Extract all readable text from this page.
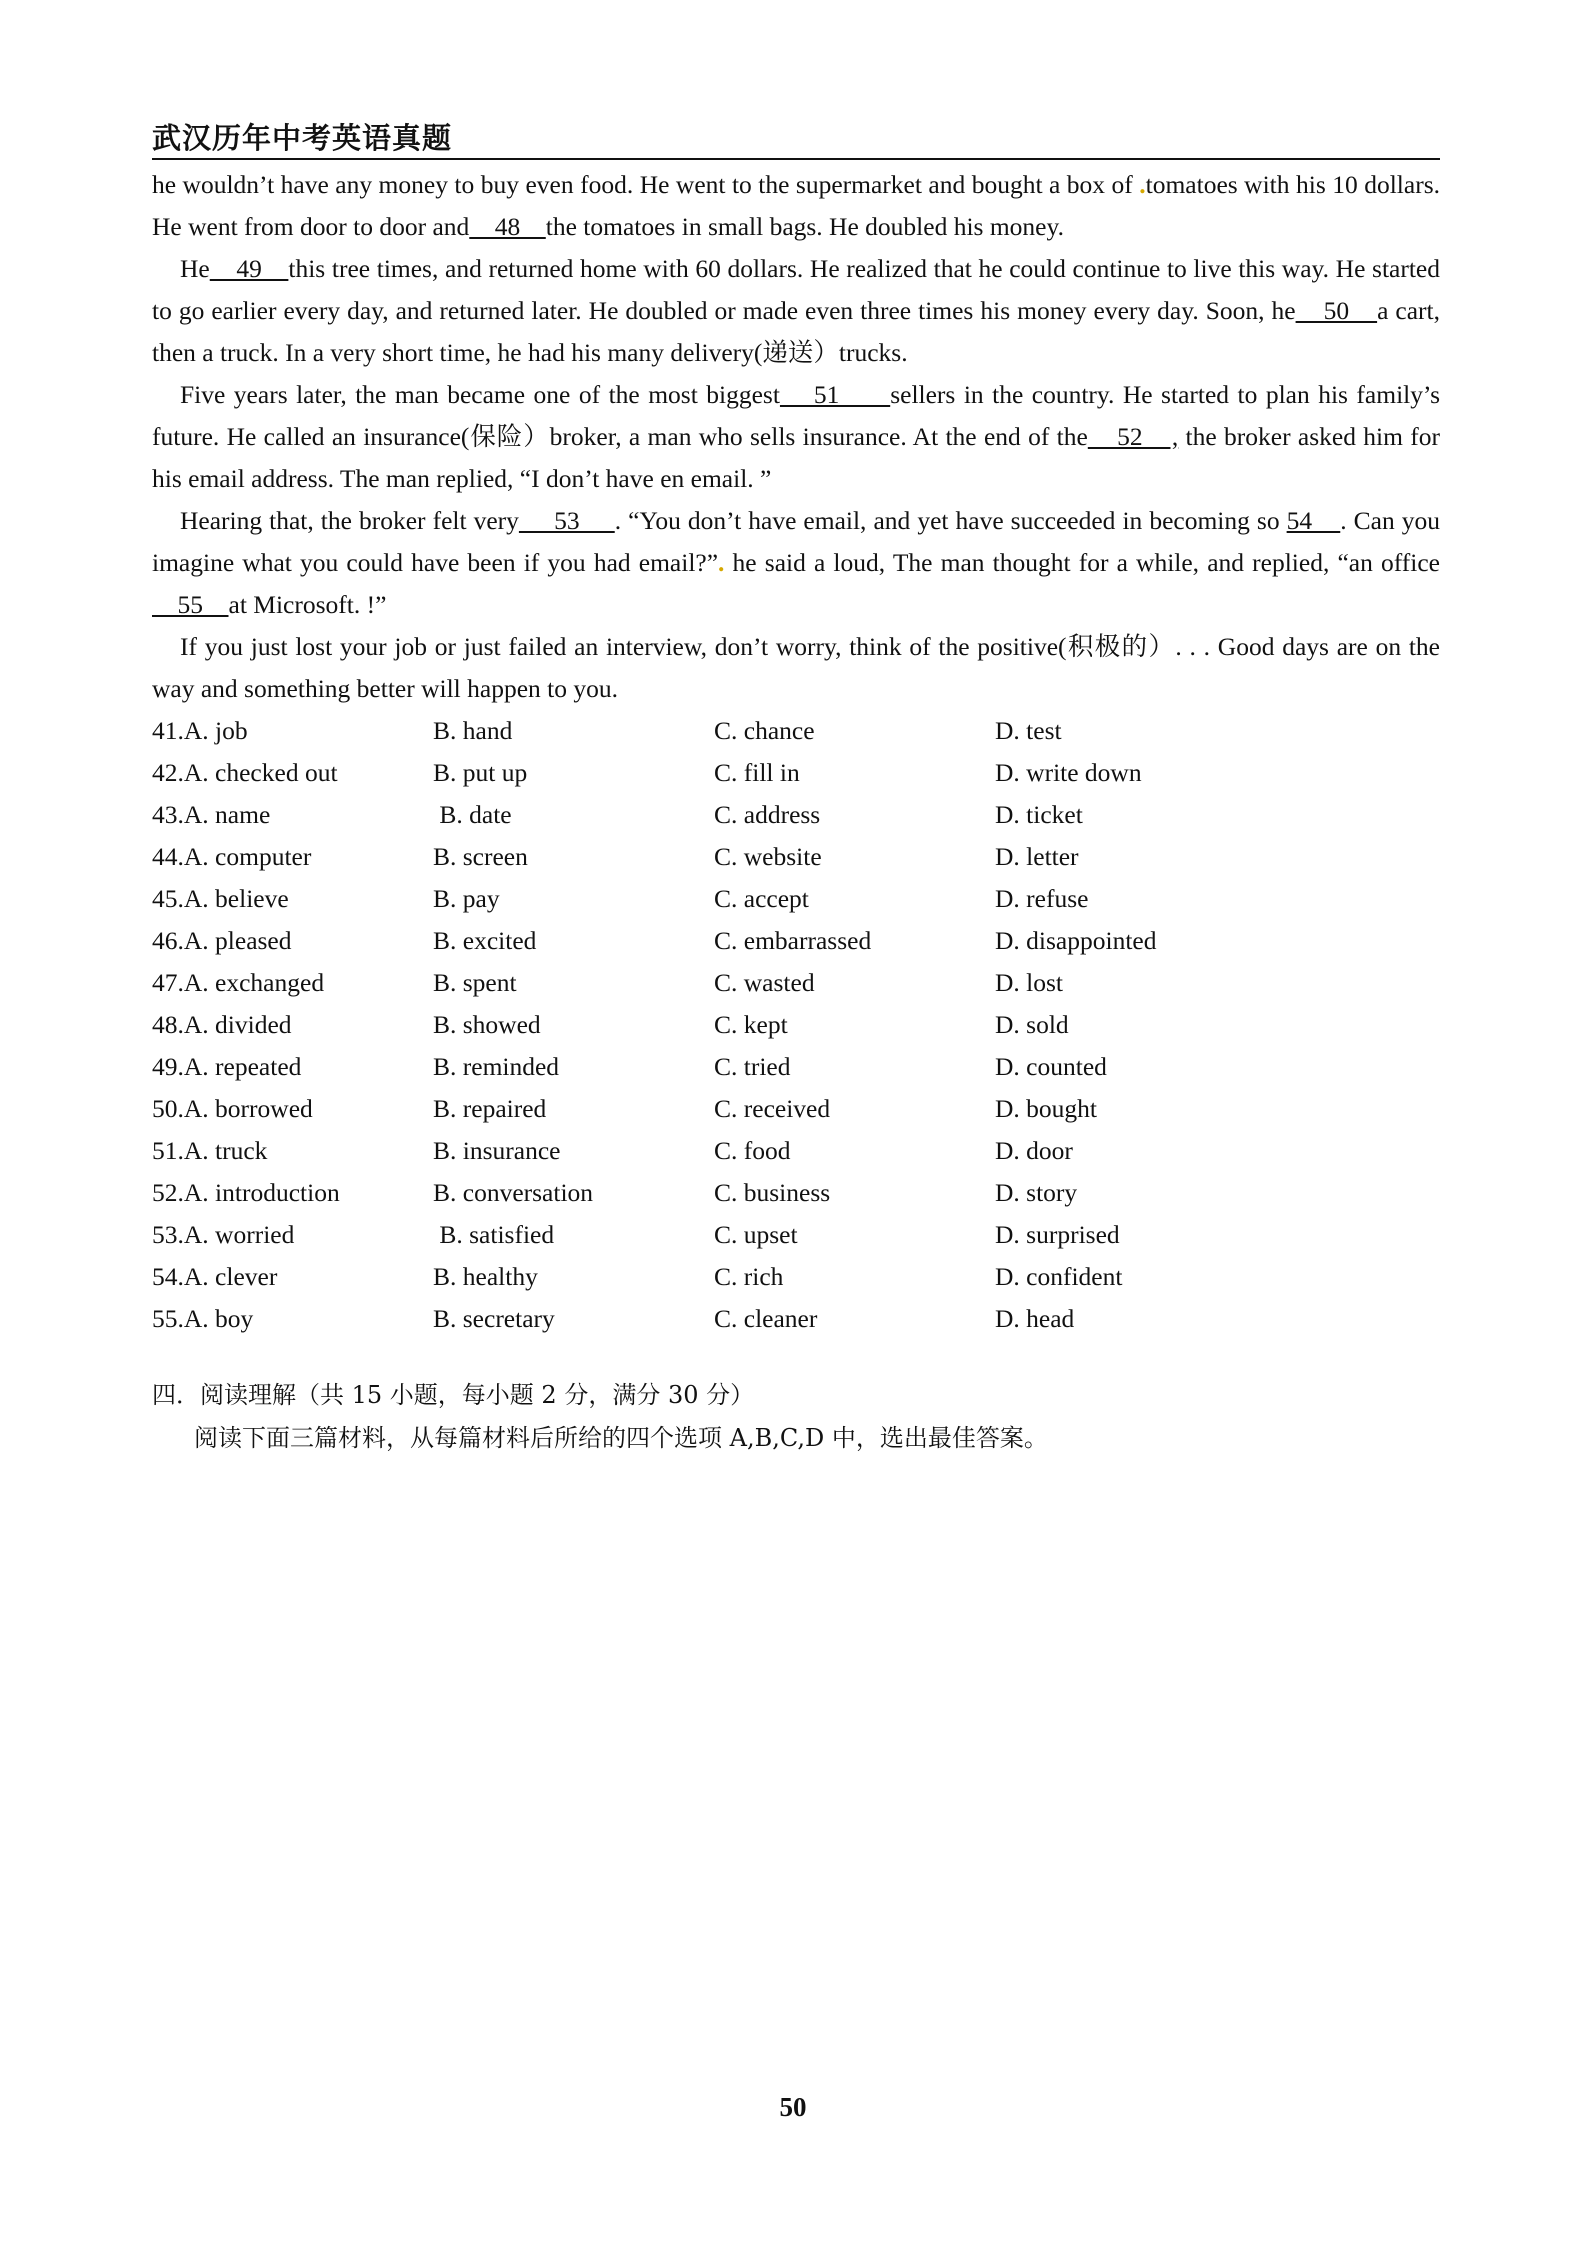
武汉历年中考英语真题

he wouldn’t have any money to buy even food. He went to the supermarket and bought a box of .tomatoes with his 10 dollars. He went from door to door and    48    the tomatoes in small bags. He doubled his money.

He    49    this tree times, and returned home with 60 dollars. He realized that he could continue to live this way. He started to go earlier every day, and returned later. He doubled or made even three times his money every day. Soon, he    50    a cart, then a truck. In a very short time, he had his many delivery(递送）trucks.

Five years later, the man became one of the most biggest    51      sellers in the country. He started to plan his family’s future. He called an insurance(保险）broker, a man who sells insurance. At the end of the    52    , the broker asked him for his email address. The man replied, “I don’t have en email. ”

Hearing that, the broker felt very     53     . “You don’t have email, and yet have succeeded in becoming so 54    . Can you imagine what you could have been if you had email?”. he said a loud, The man thought for a while, and replied, “an office    55    at Microsoft. !”

If you just lost your job or just failed an interview, don’t worry, think of the positive(积极的）. . . Good days are on the way and something better will happen to you.

41.A. job	B. hand	C. chance	D. test
42.A. checked out	B. put up	C. fill in	D. write down
43.A. name	B. date	C. address	D. ticket
44.A. computer	B. screen	C. website	D. letter
45.A. believe	B. pay	C. accept	D. refuse
46.A. pleased	B. excited	C. embarrassed	D. disappointed
47.A. exchanged	B. spent	C. wasted	D. lost
48.A. divided	B. showed	C. kept	D. sold
49.A. repeated	B. reminded	C. tried	D. counted
50.A. borrowed	B. repaired	C. received	D. bought
51.A. truck	B. insurance	C. food	D. door
52.A. introduction	B. conversation	C. business	D. story
53.A. worried	B. satisfied	C. upset	D. surprised
54.A. clever	B. healthy	C. rich	D. confident
55.A. boy	B. secretary	C. cleaner	D. head
四．阅读理解（共 15 小题，每小题 2 分，满分 30 分）
阅读下面三篇材料，从每篇材料后所给的四个选项 A,B,C,D 中，选出最佳答案。
50
